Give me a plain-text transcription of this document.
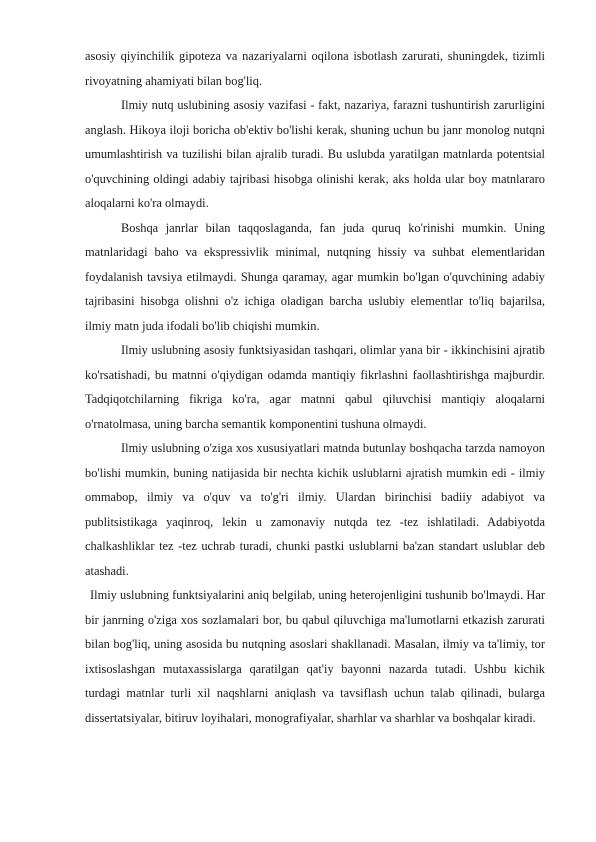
asosiy qiyinchilik gipoteza va nazariyalarni oqilona isbotlash zarurati, shuningdek, tizimli rivoyatning ahamiyati bilan bog'liq.

Ilmiy nutq uslubining asosiy vazifasi - fakt, nazariya, farazni tushuntirish zarurligini anglash. Hikoya iloji boricha ob'ektiv bo'lishi kerak, shuning uchun bu janr monolog nutqni umumlashtirish va tuzilishi bilan ajralib turadi. Bu uslubda yaratilgan matnlarda potentsial o'quvchining oldingi adabiy tajribasi hisobga olinishi kerak, aks holda ular boy matnlararo aloqalarni ko'ra olmaydi.

Boshqa janrlar bilan taqqoslaganda, fan juda quruq ko'rinishi mumkin. Uning matnlaridagi baho va ekspressivlik minimal, nutqning hissiy va suhbat elementlaridan foydalanish tavsiya etilmaydi. Shunga qaramay, agar mumkin bo'lgan o'quvchining adabiy tajribasini hisobga olishni o'z ichiga oladigan barcha uslubiy elementlar to'liq bajarilsa, ilmiy matn juda ifodali bo'lib chiqishi mumkin.

Ilmiy uslubning asosiy funktsiyasidan tashqari, olimlar yana bir - ikkinchisini ajratib ko'rsatishadi, bu matnni o'qiydigan odamda mantiqiy fikrlashni faollashtirishga majburdir. Tadqiqotchilarning fikriga ko'ra, agar matnni qabul qiluvchisi mantiqiy aloqalarni o'rnatolmasa, uning barcha semantik komponentini tushuna olmaydi.

Ilmiy uslubning o'ziga xos xususiyatlari matnda butunlay boshqacha tarzda namoyon bo'lishi mumkin, buning natijasida bir nechta kichik uslublarni ajratish mumkin edi - ilmiy ommabop, ilmiy va o'quv va to'g'ri ilmiy. Ulardan birinchisi badiiy adabiyot va publitsistikaga yaqinroq, lekin u zamonaviy nutqda tez -tez ishlatiladi. Adabiyotda chalkashliklar tez -tez uchrab turadi, chunki pastki uslublarni ba'zan standart uslublar deb atashadi.

Ilmiy uslubning funktsiyalarini aniq belgilab, uning heterojenligini tushunib bo'lmaydi. Har bir janrning o'ziga xos sozlamalari bor, bu qabul qiluvchiga ma'lumotlarni etkazish zarurati bilan bog'liq, uning asosida bu nutqning asoslari shakllanadi. Masalan, ilmiy va ta'limiy, tor ixtisoslashgan mutaxassislarga qaratilgan qat'iy bayonni nazarda tutadi. Ushbu kichik turdagi matnlar turli xil naqshlarni aniqlash va tavsiflash uchun talab qilinadi, bularga dissertatsiyalar, bitiruv loyihalari, monografiyalar, sharhlar va sharhlar va boshqalar kiradi.
